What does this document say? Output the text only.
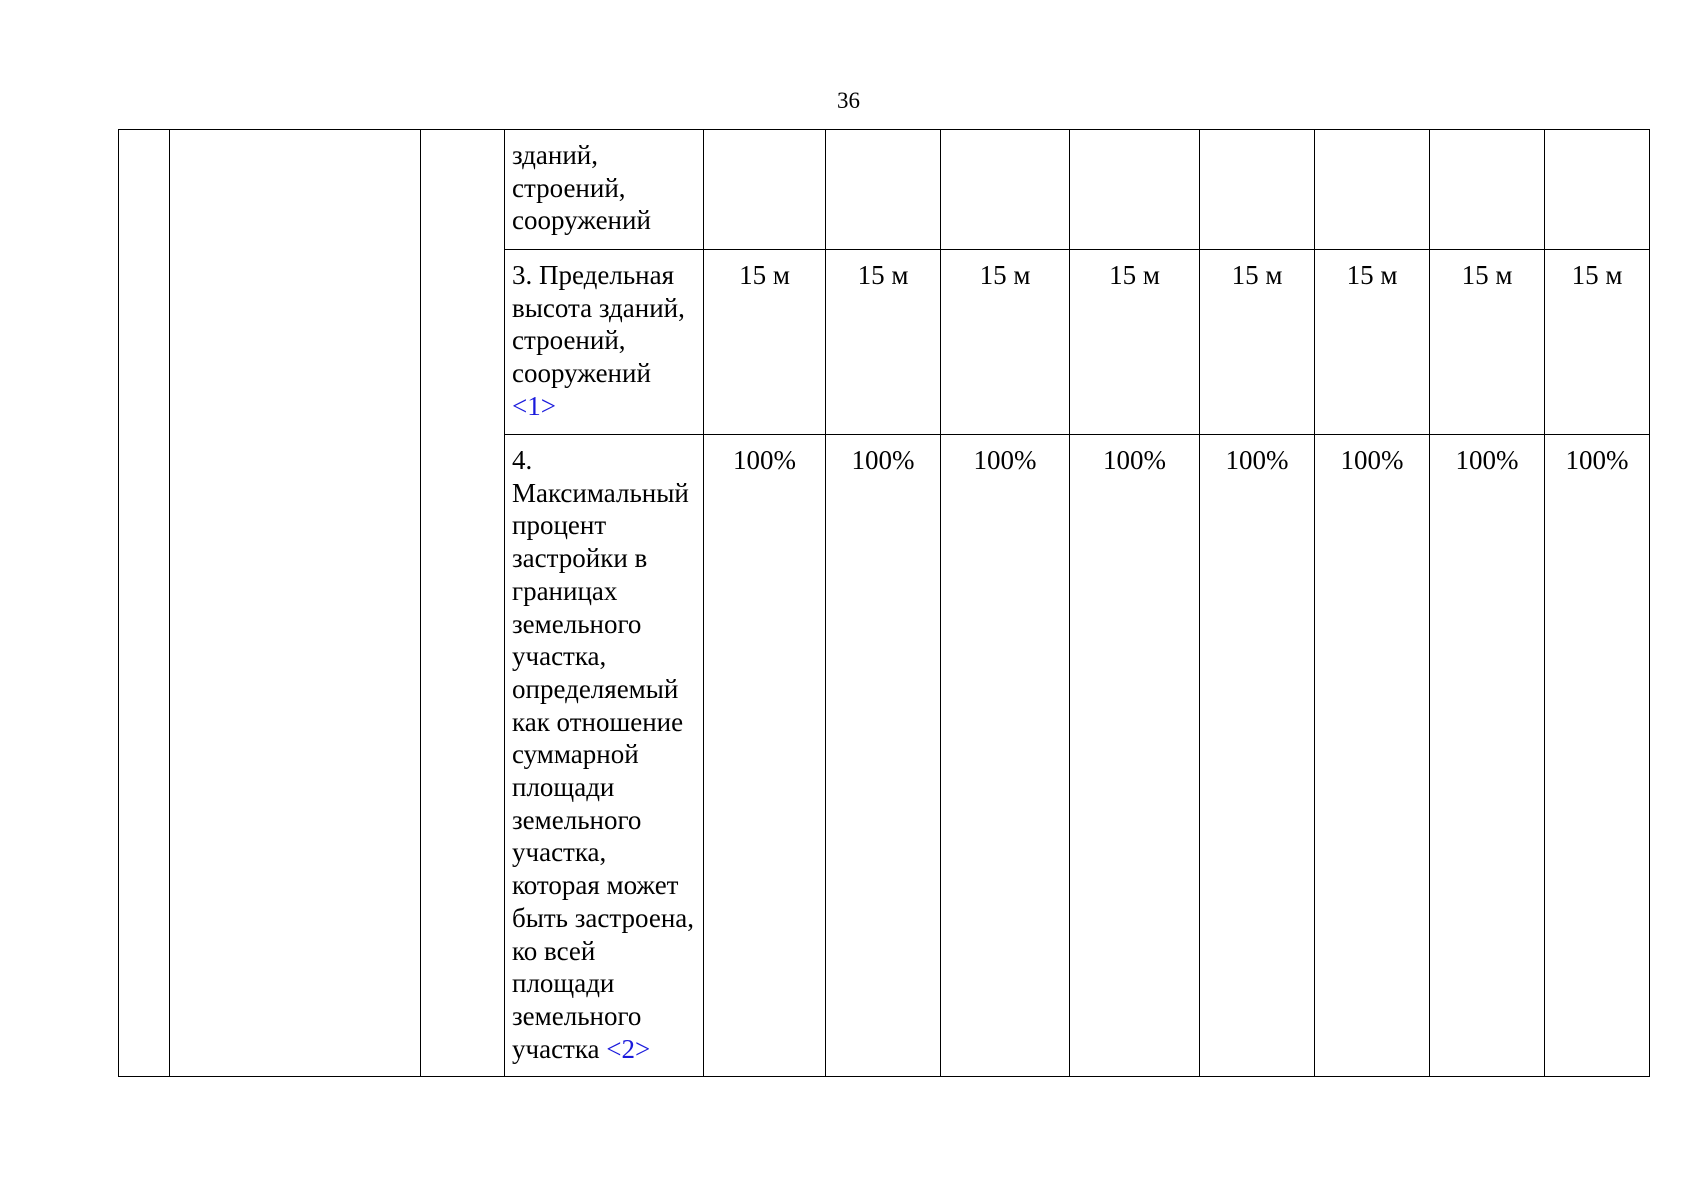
36
			зданий, строений, сооружений								
			3. Предельная высота зданий, строений, сооружений <1>	15 м	15 м	15 м	15 м	15 м	15 м	15 м	15 м
			4. Максимальный процент застройки в границах земельного участка, определяемый как отношение суммарной площади земельного участка, которая может быть застроена, ко всей площади земельного участка <2>	100%	100%	100%	100%	100%	100%	100%	100%
